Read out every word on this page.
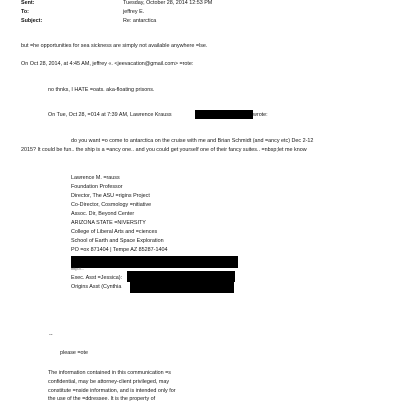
Sent:	Tuesday, October 28, 2014 12:53 PM
To:	jeffrey E.
Subject:	Re: antarctica
but =he opportunities for sea sickness are simply not available anywhere =lse.
On Oct 28, 2014, at 4:45 AM, jeffrey «. <jeevacation@gmail.com> =rote:
no thnks, I HATE =oats. aka-floating prisons.
On Tue, Oct 28, =014 at 7:39 AM, Lawrence Krauss	wrote:
do you want =o come to antarctica on the cruise with me and Brian Schmidt (and =ancy etc) Dec 2-12
2015? It could be fun.. the ship is a =ancy one.. and you could get yourself one of their fancy suites.. =nbsp;let me know
Lawrence M. =rauss
Foundation Professor
Director, The ASU =rigins Project
Co-Director, Cosmology =nitiative
Assoc. Dir, Beyond Center
ARIZONA STATE =NIVERSITY
College of Liberal Arts and =ciences
School of Earth and Space Exploration
PO =ox 871404 | Tempe AZ 85287-1404
http://...
Exec. Asst =Jessica):
Origins Asst (Cynthia
--
please =ote
The information contained in this communication =s
confidential, may be attorney-client privileged, may
constitute =nside information, and is intended only for
the use of the =ddressee. It is the property of
